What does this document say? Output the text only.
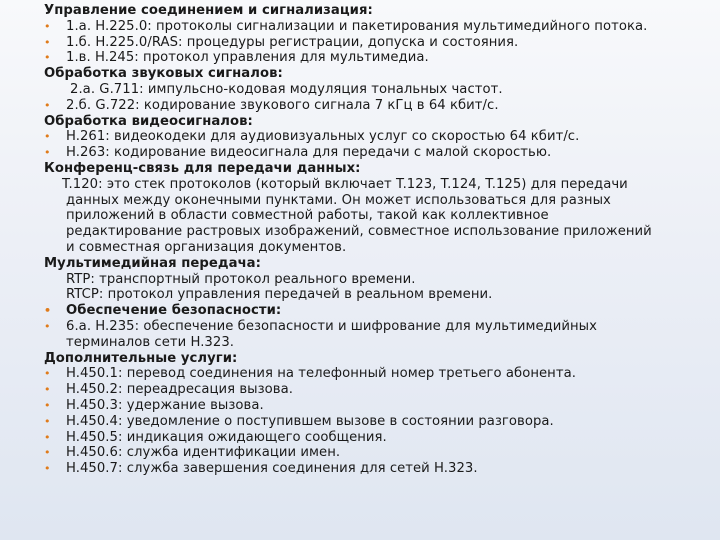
Управление соединением и сигнализация:

•1.a. H.225.0: протоколы сигнализации и пакетирования мультимедийного потока.

•1.б. H.225.0/RAS: процедуры регистрации, допуска и состояния.

•1.в. H.245: протокол управления для мультимедиа.

Обработка звуковых сигналов:

2.а. G.711: импульсно-кодовая модуляция тональных частот.

•2.б. G.722: кодирование звукового сигнала 7 кГц в 64 кбит/с.

Обработка видеосигналов:

•H.261: видеокодеки для аудиовизуальных услуг со скоростью 64 кбит/с.

•H.263: кодирование видеосигнала для передачи с малой скоростью.

Конференц-связь для передачи данных:

T.120: это стек протоколов (который включает T.123, T.124, T.125) для передачи

данных между оконечными пунктами. Он может использоваться для разных

приложений в области совместной работы, такой как коллективное

редактирование растровых изображений, совместное использование приложений

и совместная организация документов.

Мультимедийная передача:

RTP: транспортный протокол реального времени.

RTCP: протокол управления передачей в реальном времени.

•Обеспечение безопасности:

•6.а. H.235: обеспечение безопасности и шифрование для мультимедийных

терминалов сети H.323.

Дополнительные услуги:

•H.450.1: перевод соединения на телефонный номер третьего абонента.

•H.450.2: переадресация вызова.

•H.450.3: удержание вызова.

•H.450.4: уведомление о поступившем вызове в состоянии разговора.

•H.450.5: индикация ожидающего сообщения.

•H.450.6: служба идентификации имен.

•H.450.7: служба завершения соединения для сетей H.323.
